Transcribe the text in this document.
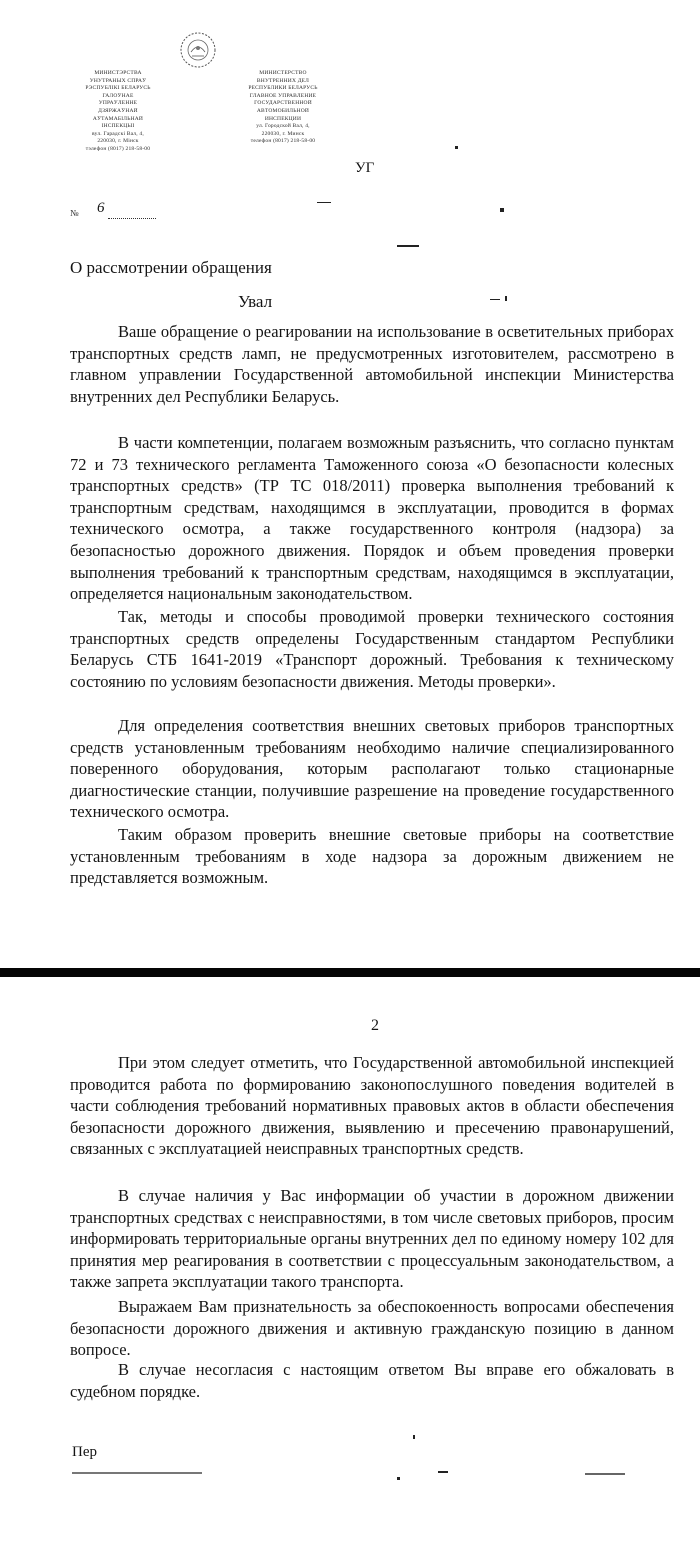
МИНИСТЭРСТВА
УНУТРАНЫХ СПРАЎ
РЭСПУБЛІКІ БЕЛАРУСЬ
ГАЛОЎНАЕ
УПРАЎЛЕННЕ
ДЗЯРЖАЎНАЙ
АЎТАМАБІЛЬНАЙ
ІНСПЕКЦЫІ
вул. Гарадскі Вал, 4,
220030, г. Мінск
тэлефон (8017) 218-58-00
МИНИСТЕРСТВО
ВНУТРЕННИХ ДЕЛ
РЕСПУБЛИКИ БЕЛАРУСЬ
ГЛАВНОЕ УПРАВЛЕНИЕ
ГОСУДАРСТВЕННОЙ
АВТОМОБИЛЬНОЙ
ИНСПЕКЦИИ
ул. Городской Вал, 4,
220030, г. Минск
телефон (8017) 218-58-00
УГ
№ 6
О рассмотрении обращения
Увал

Ваше обращение о реагировании на использование в осветительных приборах транспортных средств ламп, не предусмотренных изготовителем, рассмотрено в главном управлении Государственной автомобильной инспекции Министерства внутренних дел Республики Беларусь.

В части компетенции, полагаем возможным разъяснить, что согласно пунктам 72 и 73 технического регламента Таможенного союза «О безопасности колесных транспортных средств» (ТР ТС 018/2011) проверка выполнения требований к транспортным средствам, находящимся в эксплуатации, проводится в формах технического осмотра, а также государственного контроля (надзора) за безопасностью дорожного движения. Порядок и объем проведения проверки выполнения требований к транспортным средствам, находящимся в эксплуатации, определяется национальным законодательством.

Так, методы и способы проводимой проверки технического состояния транспортных средств определены Государственным стандартом Республики Беларусь СТБ 1641-2019 «Транспорт дорожный. Требования к техническому состоянию по условиям безопасности движения. Методы проверки».

Для определения соответствия внешних световых приборов транспортных средств установленным требованиям необходимо наличие специализированного поверенного оборудования, которым располагают только стационарные диагностические станции, получившие разрешение на проведение государственного технического осмотра.

Таким образом проверить внешние световые приборы на соответствие установленным требованиям в ходе надзора за дорожным движением не представляется возможным.

2

При этом следует отметить, что Государственной автомобильной инспекцией проводится работа по формированию законопослушного поведения водителей в части соблюдения требований нормативных правовых актов в области обеспечения безопасности дорожного движения, выявлению и пресечению правонарушений, связанных с эксплуатацией неисправных транспортных средств.

В случае наличия у Вас информации об участии в дорожном движении транспортных средствах с неисправностями, в том числе световых приборов, просим информировать территориальные органы внутренних дел по единому номеру 102 для принятия мер реагирования в соответствии с процессуальным законодательством, а также запрета эксплуатации такого транспорта.

Выражаем Вам признательность за обеспокоенность вопросами обеспечения безопасности дорожного движения и активную гражданскую позицию в данном вопросе.

В случае несогласия с настоящим ответом Вы вправе его обжаловать в судебном порядке.

Пер
